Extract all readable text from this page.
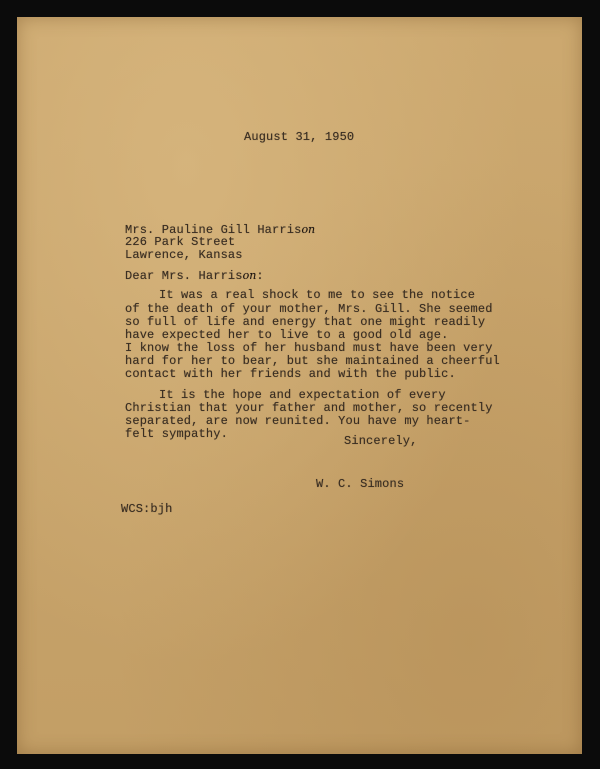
August 31, 1950
Mrs. Pauline Gill Harrison
226 Park Street
Lawrence, Kansas
Dear Mrs. Harrison:
It was a real shock to me to see the notice
of the death of your mother, Mrs. Gill. She seemed
so full of life and energy that one might readily
have expected her to live to a good old age.
I know the loss of her husband must have been very
hard for her to bear, but she maintained a cheerful
contact with her friends and with the public.
It is the hope and expectation of every
Christian that your father and mother, so recently
separated, are now reunited. You have my heart-
felt sympathy.	Sincerely,
W. C. Simons
WCS:bjh
